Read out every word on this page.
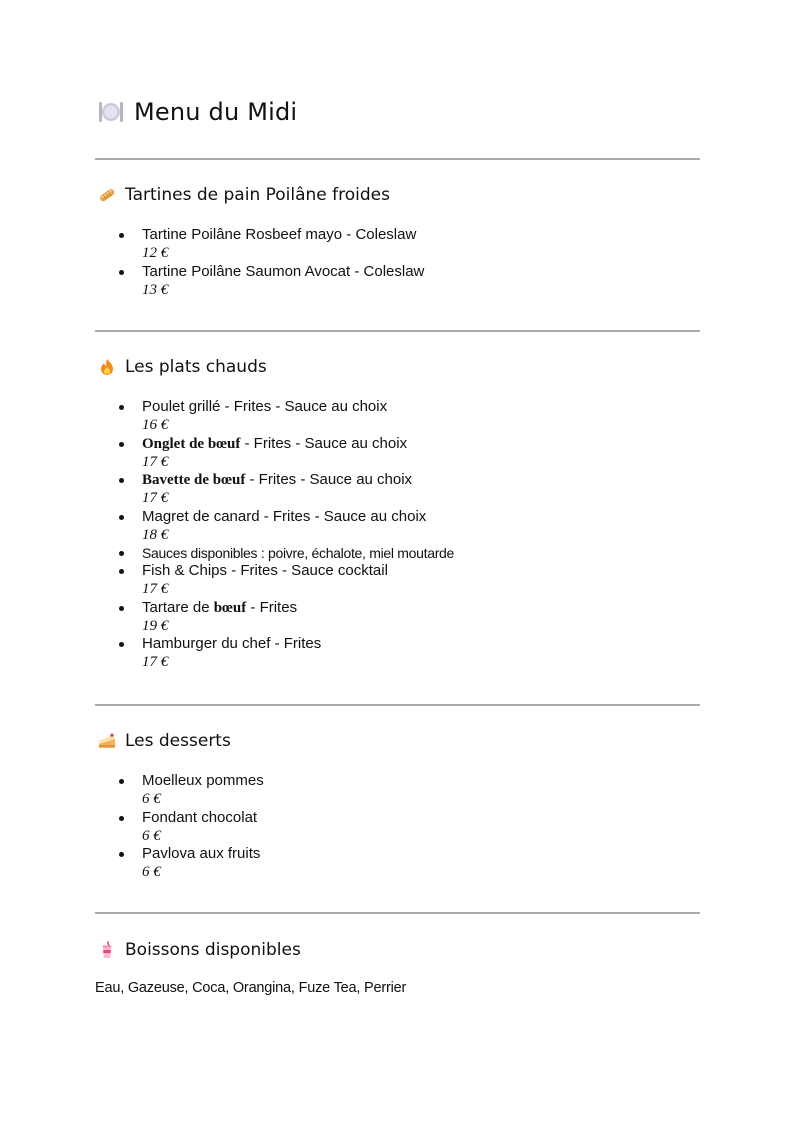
Menu du Midi
Tartines de pain Poilâne froides
Tartine Poilâne Rosbeef mayo - Coleslaw
12 €
Tartine Poilâne Saumon Avocat - Coleslaw
13 €
Les plats chauds
Poulet grillé - Frites - Sauce au choix
16 €
Onglet de bœuf - Frites - Sauce au choix
17 €
Bavette de bœuf - Frites - Sauce au choix
17 €
Magret de canard - Frites - Sauce au choix
18 €
Sauces disponibles : poivre, échalote, miel moutarde
Fish & Chips - Frites - Sauce cocktail
17 €
Tartare de bœuf - Frites
19 €
Hamburger du chef - Frites
17 €
Les desserts
Moelleux pommes
6 €
Fondant chocolat
6 €
Pavlova aux fruits
6 €
Boissons disponibles
Eau, Gazeuse, Coca, Orangina, Fuze Tea, Perrier
